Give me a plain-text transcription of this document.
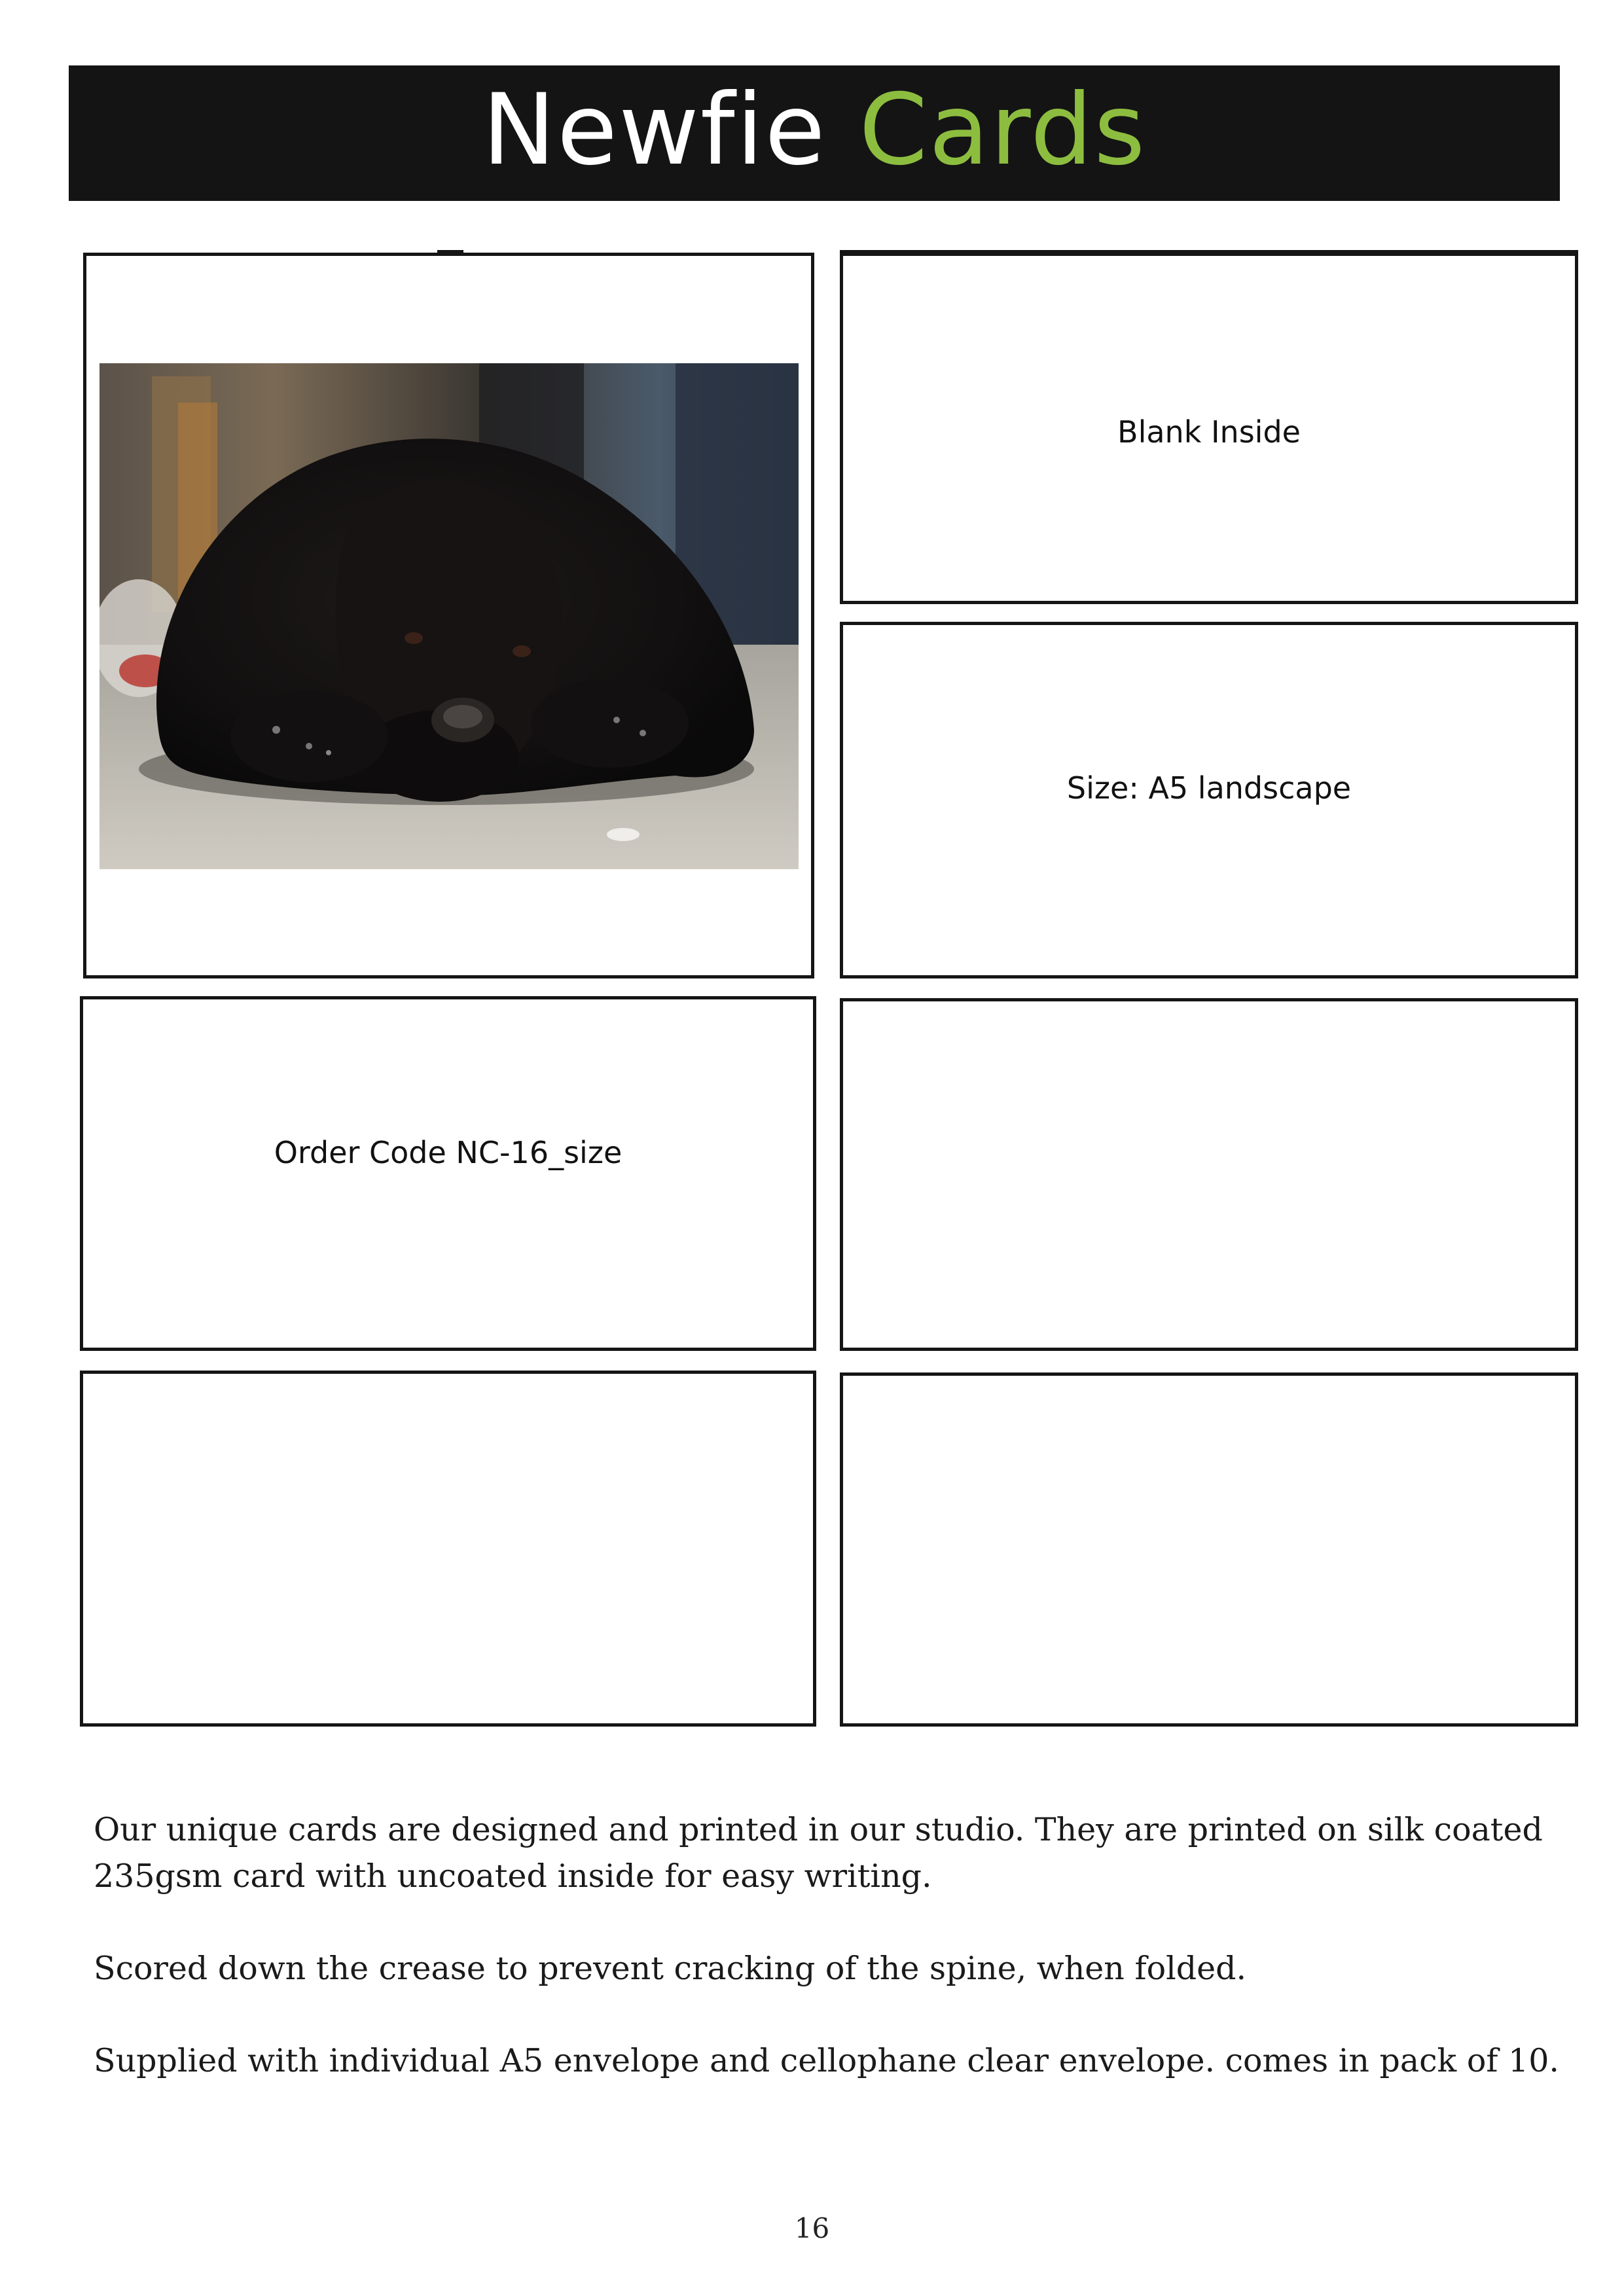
Newfie Cards
Blank Inside
Size: A5 landscape
Order Code NC-16_size

Our unique cards are designed and printed in our studio. They are printed on silk coated 235gsm card with uncoated inside for easy writing.

Scored down the crease to prevent cracking of the spine, when folded.

Supplied with individual A5 envelope and cellophane clear envelope. comes in pack of 10.

16
